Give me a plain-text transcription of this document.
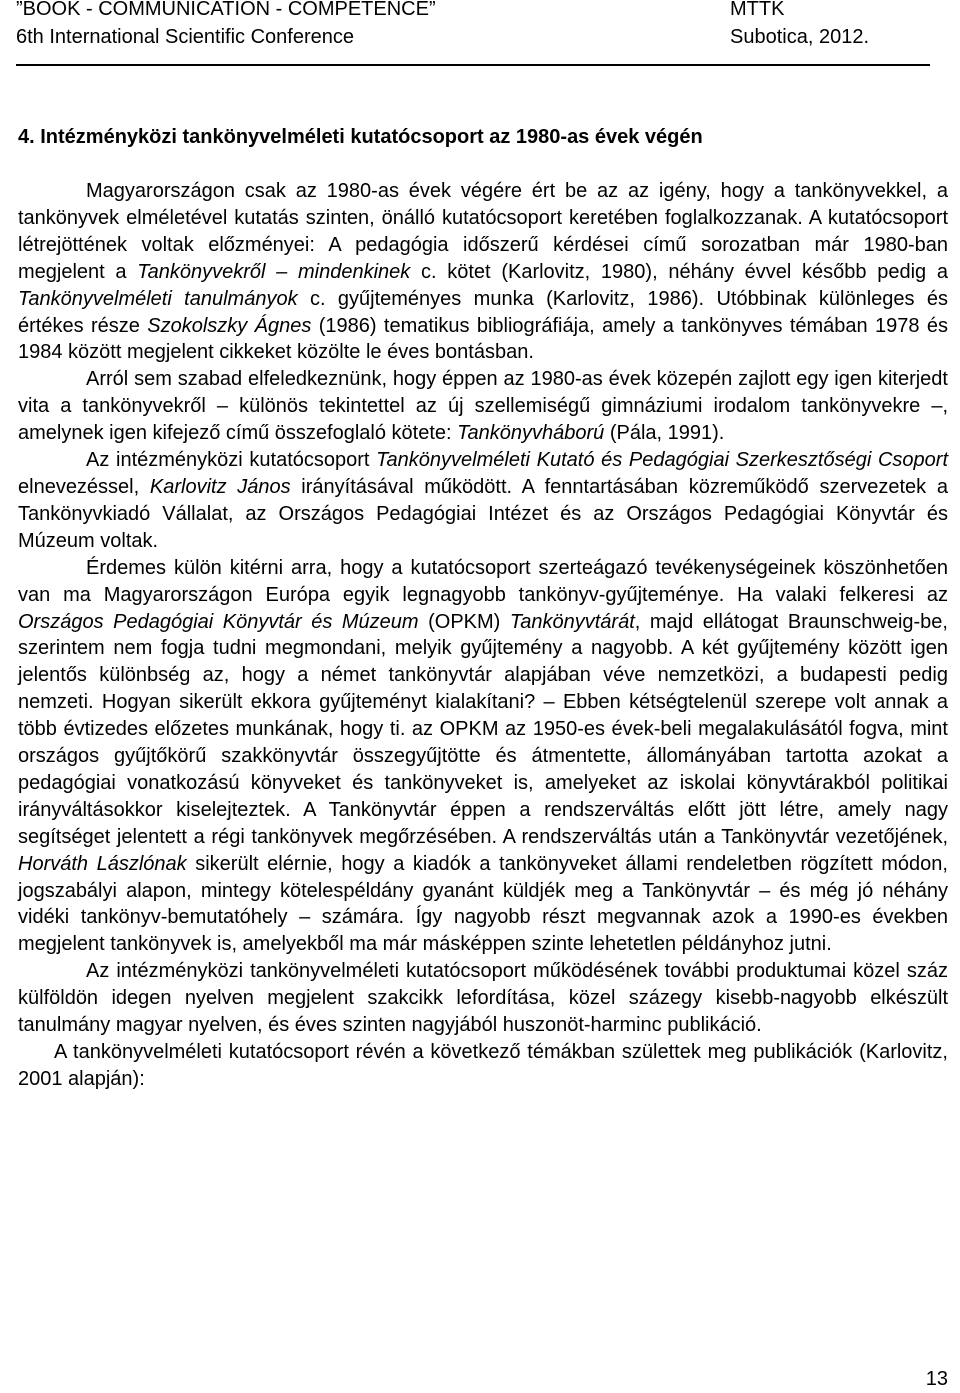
”BOOK - COMMUNICATION - COMPETENCE”	MTTK
6th International Scientific Conference	Subotica, 2012.
4. Intézményközi tankönyvelméleti kutatócsoport az 1980-as évek végén

Magyarországon csak az 1980-as évek végére ért be az az igény, hogy a tankönyvekkel, a tankönyvek elméletével kutatás szinten, önálló kutatócsoport keretében foglalkozzanak. A kutatócsoport létrejöttének voltak előzményei: A pedagógia időszerű kérdései című sorozatban már 1980-ban megjelent a Tankönyvekről – mindenkinek c. kötet (Karlovitz, 1980), néhány évvel később pedig a Tankönyvelméleti tanulmányok c. gyűjteményes munka (Karlovitz, 1986). Utóbbinak különleges és értékes része Szokolszky Ágnes (1986) tematikus bibliográfiája, amely a tankönyves témában 1978 és 1984 között megjelent cikkeket közölte le éves bontásban.

Arról sem szabad elfeledkeznünk, hogy éppen az 1980-as évek közepén zajlott egy igen kiterjedt vita a tankönyvekről – különös tekintettel az új szellemiségű gimnáziumi irodalom tankönyvekre –, amelynek igen kifejező című összefoglaló kötete: Tankönyvháború (Pála, 1991).

Az intézményközi kutatócsoport Tankönyvelméleti Kutató és Pedagógiai Szerkesztőségi Csoport elnevezéssel, Karlovitz János irányításával működött. A fenntartásában közreműködő szervezetek a Tankönyvkiadó Vállalat, az Országos Pedagógiai Intézet és az Országos Pedagógiai Könyvtár és Múzeum voltak.

Érdemes külön kitérni arra, hogy a kutatócsoport szerteágazó tevékenységeinek köszönhetően van ma Magyarországon Európa egyik legnagyobb tankönyv-gyűjteménye. Ha valaki felkeresi az Országos Pedagógiai Könyvtár és Múzeum (OPKM) Tankönyvtárát, majd ellátogat Braunschweig-be, szerintem nem fogja tudni megmondani, melyik gyűjtemény a nagyobb. A két gyűjtemény között igen jelentős különbség az, hogy a német tankönyvtár alapjában véve nemzetközi, a budapesti pedig nemzeti. Hogyan sikerült ekkora gyűjteményt kialakítani? – Ebben kétségtelenül szerepe volt annak a több évtizedes előzetes munkának, hogy ti. az OPKM az 1950-es évek-beli megalakulásától fogva, mint országos gyűjtőkörű szakkönyvtár összegyűjtötte és átmentette, állományában tartotta azokat a pedagógiai vonatkozású könyveket és tankönyveket is, amelyeket az iskolai könyvtárakból politikai irányváltásokkor kiselejteztek. A Tankönyvtár éppen a rendszerváltás előtt jött létre, amely nagy segítséget jelentett a régi tankönyvek megőrzésében. A rendszerváltás után a Tankönyvtár vezetőjének, Horváth Lászlónak sikerült elérnie, hogy a kiadók a tankönyveket állami rendeletben rögzített módon, jogszabályi alapon, mintegy kötelespéldány gyanánt küldjék meg a Tankönyvtár – és még jó néhány vidéki tankönyv-bemutatóhely – számára. Így nagyobb részt megvannak azok a 1990-es években megjelent tankönyvek is, amelyekből ma már másképpen szinte lehetetlen példányhoz jutni.

Az intézményközi tankönyvelméleti kutatócsoport működésének további produktumai közel száz külföldön idegen nyelven megjelent szakcikk lefordítása, közel százegy kisebb-nagyobb elkészült tanulmány magyar nyelven, és éves szinten nagyjából huszonöt-harminc publikáció.

A tankönyvelméleti kutatócsoport révén a következő témákban születtek meg publikációk (Karlovitz, 2001 alapján):

13
